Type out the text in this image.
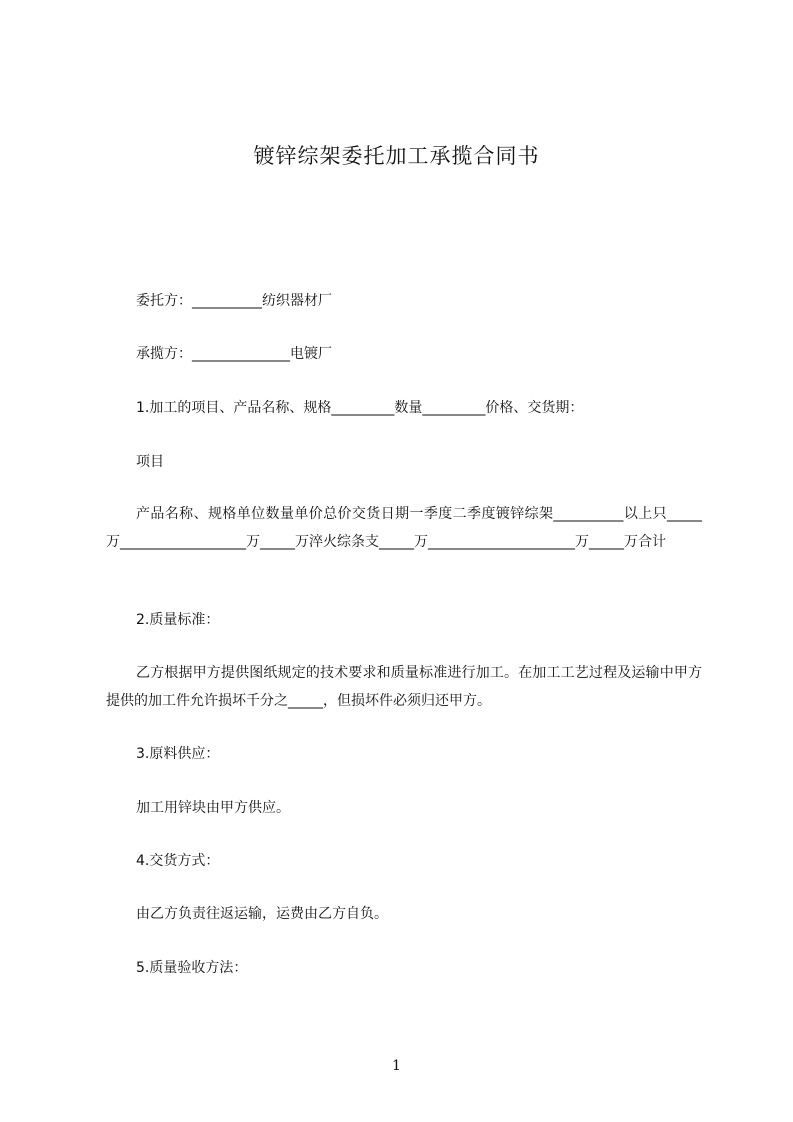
镀锌综架委托加工承揽合同书
委托方：__________纺织器材厂
承揽方：______________电镀厂
1.加工的项目、产品名称、规格_________数量_________价格、交货期：
项目
产品名称、规格单位数量单价总价交货日期一季度二季度镀锌综架__________以上只_____万__________________万_____万淬火综条支_____万_____________________万_____万合计
2.质量标准：
乙方根据甲方提供图纸规定的技术要求和质量标准进行加工。在加工工艺过程及运输中甲方提供的加工件允许损坏千分之_____，但损坏件必须归还甲方。
3.原料供应：
加工用锌块由甲方供应。
4.交货方式：
由乙方负责往返运输，运费由乙方自负。
5.质量验收方法：
1
